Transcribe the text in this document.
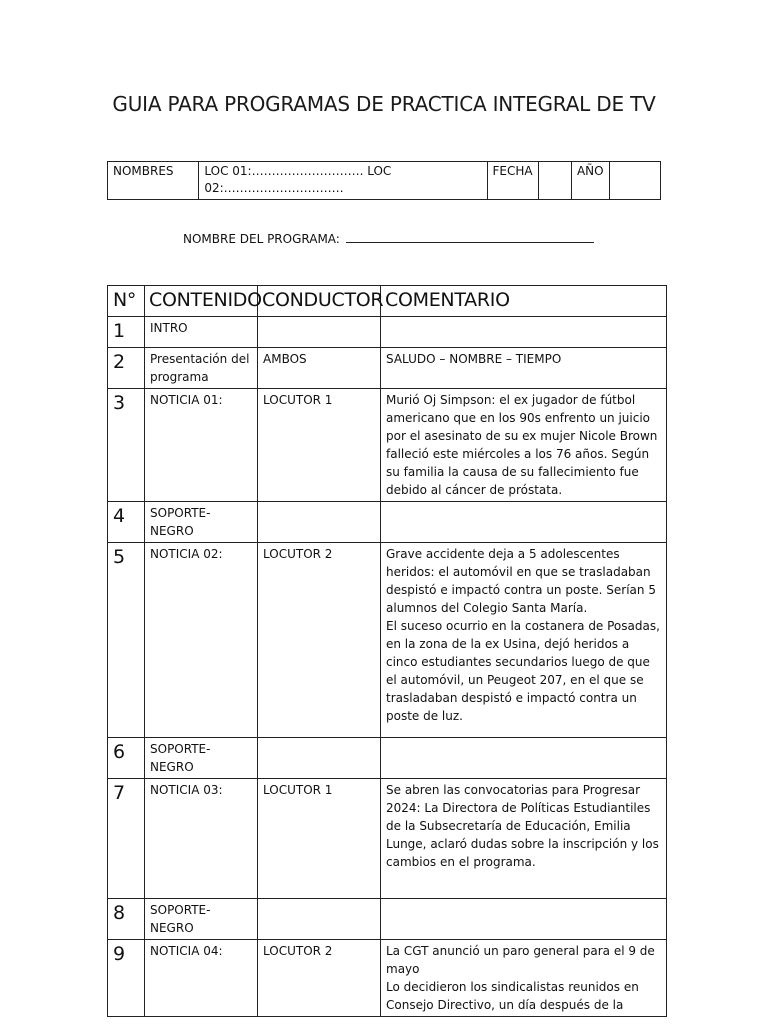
GUIA PARA PROGRAMAS DE PRACTICA INTEGRAL DE TV
NOMBRES	LOC 01:………………………. LOC 02:…………………………	FECHA		AÑO	
NOMBRE DEL PROGRAMA:
N°	CONTENIDO	CONDUCTOR	COMENTARIO
1	INTRO		
2	Presentación del programa	AMBOS	SALUDO – NOMBRE – TIEMPO
3	NOTICIA 01:	LOCUTOR 1	Murió Oj Simpson: el ex jugador de fútbol americano que en los 90s enfrento un juicio por el asesinato de su ex mujer Nicole Brown falleció este miércoles a los 76 años. Según su familia la causa de su fallecimiento fue debido al cáncer de próstata.
4	SOPORTE-NEGRO		
5	NOTICIA 02:	LOCUTOR 2	Grave accidente deja a 5 adolescentes heridos: el automóvil en que se trasladaban despistó e impactó contra un poste. Serían 5 alumnos del Colegio Santa María.
El suceso ocurrio en la costanera de Posadas, en la zona de la ex Usina, dejó heridos a cinco estudiantes secundarios luego de que el automóvil, un Peugeot 207, en el que se trasladaban despistó e impactó contra un poste de luz.
6	SOPORTE-NEGRO		
7	NOTICIA 03:	LOCUTOR 1	Se abren las convocatorias para Progresar 2024: La Directora de Políticas Estudiantiles de la Subsecretaría de Educación, Emilia Lunge, aclaró dudas sobre la inscripción y los cambios en el programa.
8	SOPORTE-NEGRO		
9	NOTICIA 04:	LOCUTOR 2	La CGT anunció un paro general para el 9 de mayo
Lo decidieron los sindicalistas reunidos en Consejo Directivo, un día después de la
